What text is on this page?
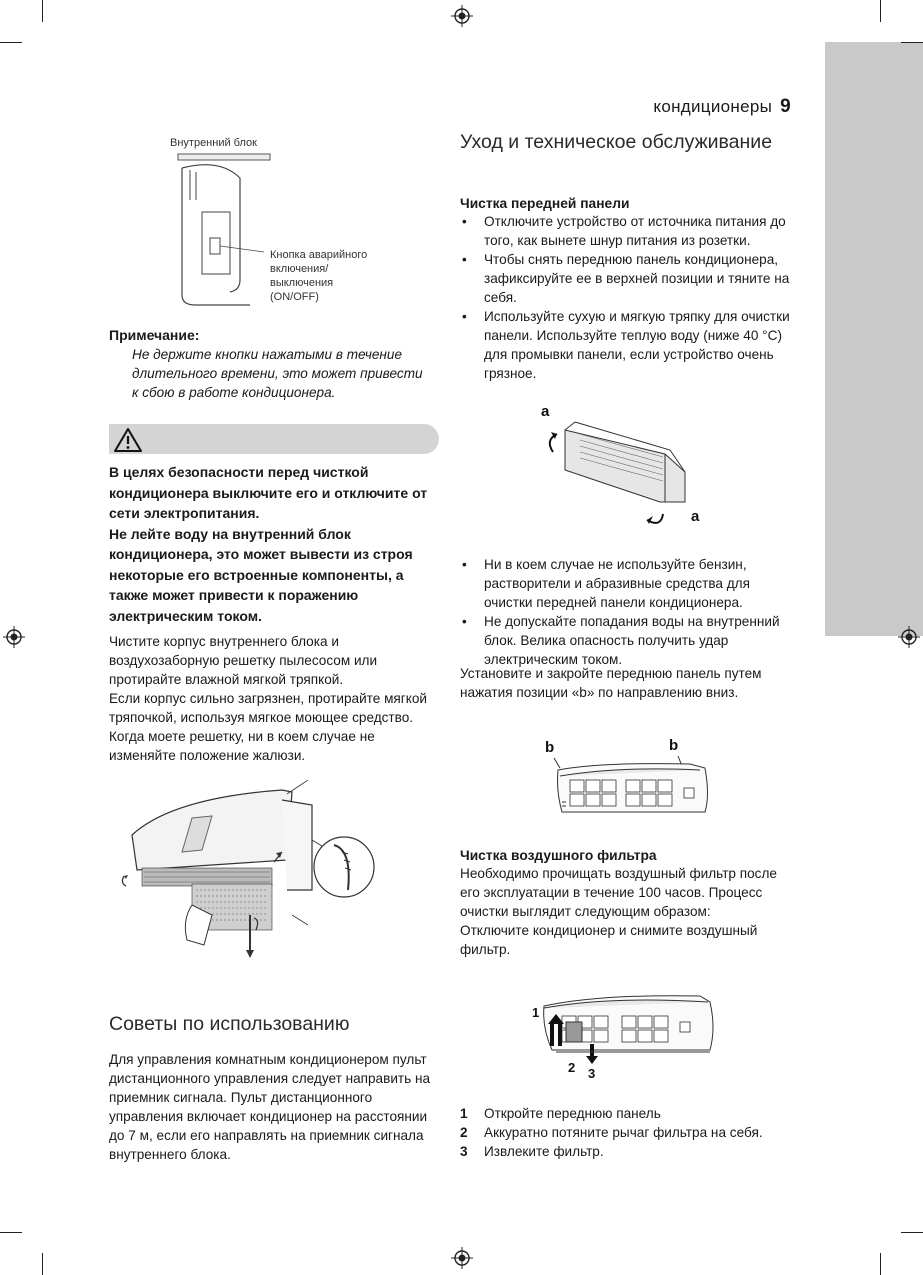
кондиционеры 9
Внутренний блок
Кнопка аварийного
включения/
выключения
(ON/OFF)
Примечание:
Не держите кнопки нажатыми в течение длительного времени, это может привести к сбою в работе кондиционера.

В целях безопасности перед чисткой кондиционера выключите его и отключите от сети электропитания.

Не лейте воду на внутренний блок кондиционера, это может вывести из строя некоторые его встроенные компоненты, а также может привести к поражению электрическим током.

Чистите корпус внутреннего блока и воздухозаборную решетку пылесосом или протирайте влажной мягкой тряпкой.

Если корпус сильно загрязнен, протирайте мягкой тряпочкой, используя мягкое моющее средство. Когда моете решетку, ни в коем случае не изменяйте положение жалюзи.

Советы по использованию
Для управления комнатным кондиционером пульт дистанционного управления следует направить на приемник сигнала. Пульт дистанционного управления включает кондиционер на расстоянии до 7 м, если его направлять на приемник сигнала внутреннего блока.
Уход и техническое обслуживание
Чистка передней панели
• Отключите устройство от источника питания до того, как вынете шнур питания из розетки.
• Чтобы снять переднюю панель кондиционера, зафиксируйте ее в верхней позиции и тяните на себя.
• Используйте сухую и мягкую тряпку для очистки панели. Используйте теплую воду (ниже 40 °С) для промывки панели, если устройство очень грязное.
a
a
• Ни в коем случае не используйте бензин, растворители и абразивные средства для очистки передней панели кондиционера.
• Не допускайте попадания воды на внутренний блок. Велика опасность получить удар электрическим током.
Установите и закройте переднюю панель путем нажатия позиции «b» по направлению вниз.
b	b
Чистка воздушного фильтра

Необходимо прочищать воздушный фильтр после его эксплуатации в течение 100 часов. Процесс очистки выглядит следующим образом:

Отключите кондиционер и снимите воздушный фильтр.

1
2 3
1 Откройте переднюю панель
2 Аккуратно потяните рычаг фильтра на себя.
3 Извлеките фильтр.
